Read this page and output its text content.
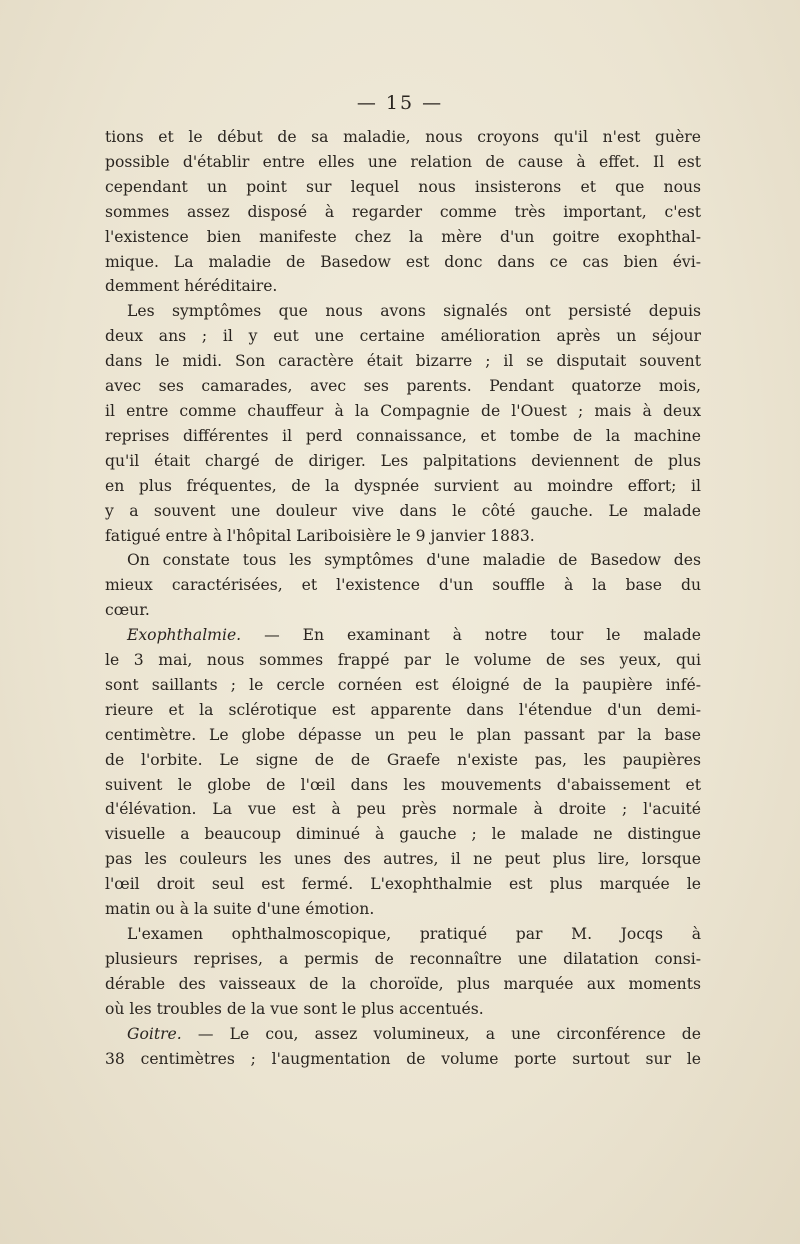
— 15 —

tions et le début de sa maladie, nous croyons qu'il n'est guère
possible d'établir entre elles une relation de cause à effet. Il est
cependant un point sur lequel nous insisterons et que nous
sommes assez disposé à regarder comme très important, c'est
l'existence bien manifeste chez la mère d'un goitre exophthal-
mique. La maladie de Basedow est donc dans ce cas bien évi-
demment héréditaire.

Les symptômes que nous avons signalés ont persisté depuis
deux ans ; il y eut une certaine amélioration après un séjour
dans le midi. Son caractère était bizarre ; il se disputait souvent
avec ses camarades, avec ses parents. Pendant quatorze mois,
il entre comme chauffeur à la Compagnie de l'Ouest ; mais à deux
reprises différentes il perd connaissance, et tombe de la machine
qu'il était chargé de diriger. Les palpitations deviennent de plus
en plus fréquentes, de la dyspnée survient au moindre effort; il
y a souvent une douleur vive dans le côté gauche. Le malade
fatigué entre à l'hôpital Lariboisière le 9 janvier 1883.

On constate tous les symptômes d'une maladie de Basedow des
mieux caractérisées, et l'existence d'un souffle à la base du
cœur.

Exophthalmie. — En examinant à notre tour le malade
le 3 mai, nous sommes frappé par le volume de ses yeux, qui
sont saillants ; le cercle cornéen est éloigné de la paupière infé-
rieure et la sclérotique est apparente dans l'étendue d'un demi-
centimètre. Le globe dépasse un peu le plan passant par la base
de l'orbite. Le signe de de Graefe n'existe pas, les paupières
suivent le globe de l'œil dans les mouvements d'abaissement et
d'élévation. La vue est à peu près normale à droite ; l'acuité
visuelle a beaucoup diminué à gauche ; le malade ne distingue
pas les couleurs les unes des autres, il ne peut plus lire, lorsque
l'œil droit seul est fermé. L'exophthalmie est plus marquée le
matin ou à la suite d'une émotion.

L'examen ophthalmoscopique, pratiqué par M. Jocqs à
plusieurs reprises, a permis de reconnaître une dilatation consi-
dérable des vaisseaux de la choroïde, plus marquée aux moments
où les troubles de la vue sont le plus accentués.

Goitre. — Le cou, assez volumineux, a une circonférence de
38 centimètres ; l'augmentation de volume porte surtout sur le
